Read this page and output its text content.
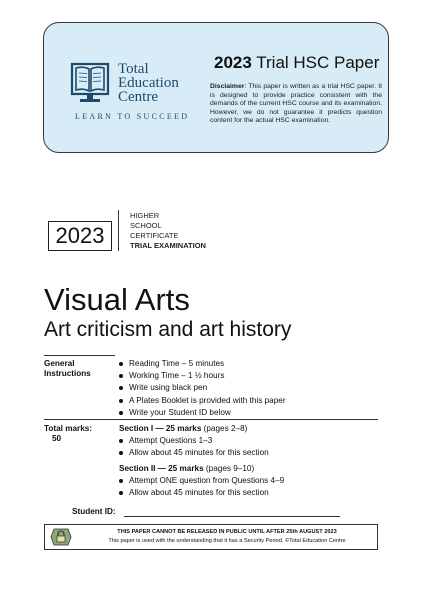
Total
Education
Centre
LEARN TO SUCCEED
2023 Trial HSC Paper
Disclaimer: This paper is written as a trial HSC paper. It is designed to provide practice consistent with the demands of the current HSC course and its examination. However, we do not guarantee it predicts question content for the actual HSC examination.
2023
HIGHER
SCHOOL
CERTIFICATE
TRIAL EXAMINATION
Visual Arts
Art criticism and art history
General Instructions
Reading Time – 5 minutes
Working Time – 1 ½ hours
Write using black pen
A Plates Booklet is provided with this paper
Write your Student ID below
Total marks:
50
Section I — 25 marks (pages 2–8)
Attempt Questions 1–3
Allow about 45 minutes for this section
Section II — 25 marks (pages 9–10)
Attempt ONE question from Questions 4–9
Allow about 45 minutes for this section
Student ID:
THIS PAPER CANNOT BE RELEASED IN PUBLIC UNTIL AFTER 25th AUGUST 2023
This paper is used with the understanding that it has a Security Period. ©Total Education Centre
